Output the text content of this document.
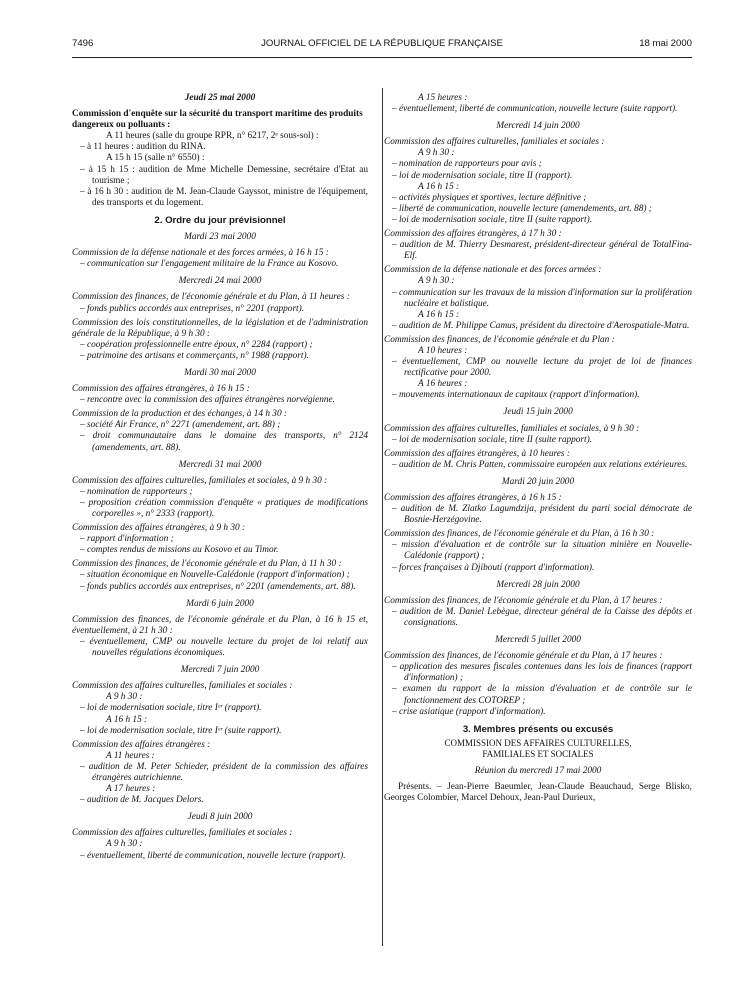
7496	JOURNAL OFFICIEL DE LA RÉPUBLIQUE FRANÇAISE	18 mai 2000
Jeudi 25 mai 2000
Commission d'enquête sur la sécurité du transport maritime des produits dangereux ou polluants :
A 11 heures (salle du groupe RPR, n° 6217, 2ᵉ sous-sol) :
– à 11 heures : audition du RINA.
A 15 h 15 (salle n° 6550) :
– à 15 h 15 : audition de Mme Michelle Demessine, secrétaire d'Etat au tourisme ;
– à 16 h 30 : audition de M. Jean-Claude Gayssot, ministre de l'équipement, des transports et du logement.
2. Ordre du jour prévisionnel
Mardi 23 mai 2000
Commission de la défense nationale et des forces armées, à 16 h 15 :
– communication sur l'engagement militaire de la France au Kosovo.
Mercredi 24 mai 2000
Commission des finances, de l'économie générale et du Plan, à 11 heures :
– fonds publics accordés aux entreprises, n° 2201 (rapport).
Commission des lois constitutionnelles, de la législation et de l'administration générale de la République, à 9 h 30 :
– coopération professionnelle entre époux, n° 2284 (rapport) ;
– patrimoine des artisans et commerçants, n° 1988 (rapport).
Mardi 30 mai 2000
Commission des affaires étrangères, à 16 h 15 :
– rencontre avec la commission des affaires étrangères norvégienne.
Commission de la production et des échanges, à 14 h 30 :
– société Air France, n° 2271 (amendement, art. 88) ;
– droit communautaire dans le domaine des transports, n° 2124 (amendements, art. 88).
Mercredi 31 mai 2000
Commission des affaires culturelles, familiales et sociales, à 9 h 30 :
– nomination de rapporteurs ;
– proposition création commission d'enquête « pratiques de modifications corporelles », n° 2333 (rapport).
Commission des affaires étrangères, à 9 h 30 :
– rapport d'information ;
– comptes rendus de missions au Kosovo et au Timor.
Commission des finances, de l'économie générale et du Plan, à 11 h 30 :
– situation économique en Nouvelle-Calédonie (rapport d'information) ;
– fonds publics accordés aux entreprises, n° 2201 (amendements, art. 88).
Mardi 6 juin 2000
Commission des finances, de l'économie générale et du Plan, à 16 h 15 et, éventuellement, à 21 h 30 :
– éventuellement, CMP ou nouvelle lecture du projet de loi relatif aux nouvelles régulations économiques.
Mercredi 7 juin 2000
Commission des affaires culturelles, familiales et sociales :
A 9 h 30 :
– loi de modernisation sociale, titre Iᵉʳ (rapport).
A 16 h 15 :
– loi de modernisation sociale, titre Iᵉʳ (suite rapport).
Commission des affaires étrangères :
A 11 heures :
– audition de M. Peter Schieder, président de la commission des affaires étrangères autrichienne.
A 17 heures :
– audition de M. Jacques Delors.
Jeudi 8 juin 2000
Commission des affaires culturelles, familiales et sociales :
A 9 h 30 :
– éventuellement, liberté de communication, nouvelle lecture (rapport).
A 15 heures :
– éventuellement, liberté de communication, nouvelle lecture (suite rapport).
Mercredi 14 juin 2000
Commission des affaires culturelles, familiales et sociales :
A 9 h 30 :
– nomination de rapporteurs pour avis ;
– loi de modernisation sociale, titre II (rapport).
A 16 h 15 :
– activités physiques et sportives, lecture définitive ;
– liberté de communication, nouvelle lecture (amendements, art. 88) ;
– loi de modernisation sociale, titre II (suite rapport).
Commission des affaires étrangères, à 17 h 30 :
– audition de M. Thierry Desmarest, président-directeur général de TotalFina-Elf.
Commission de la défense nationale et des forces armées :
A 9 h 30 :
– communication sur les travaux de la mission d'information sur la prolifération nucléaire et balistique.
A 16 h 15 :
– audition de M. Philippe Camus, président du directoire d'Aerospatiale-Matra.
Commission des finances, de l'économie générale et du Plan :
A 10 heures :
– éventuellement, CMP ou nouvelle lecture du projet de loi de finances rectificative pour 2000.
A 16 heures :
– mouvements internationaux de capitaux (rapport d'information).
Jeudi 15 juin 2000
Commission des affaires culturelles, familiales et sociales, à 9 h 30 :
– loi de modernisation sociale, titre II (suite rapport).
Commission des affaires étrangères, à 10 heures :
– audition de M. Chris Patten, commissaire européen aux relations extérieures.
Mardi 20 juin 2000
Commission des affaires étrangères, à 16 h 15 :
– audition de M. Zlatko Lagumdzija, président du parti social démocrate de Bosnie-Herzégovine.
Commission des finances, de l'économie générale et du Plan, à 16 h 30 :
– mission d'évaluation et de contrôle sur la situation minière en Nouvelle-Calédonie (rapport) ;
– forces françaises à Djibouti (rapport d'information).
Mercredi 28 juin 2000
Commission des finances, de l'économie générale et du Plan, à 17 heures :
– audition de M. Daniel Lebègue, directeur général de la Caisse des dépôts et consignations.
Mercredi 5 juillet 2000
Commission des finances, de l'économie générale et du Plan, à 17 heures :
– application des mesures fiscales contenues dans les lois de finances (rapport d'information) ;
– examen du rapport de la mission d'évaluation et de contrôle sur le fonctionnement des COTOREP ;
– crise asiatique (rapport d'information).
3. Membres présents ou excusés
COMMISSION DES AFFAIRES CULTURELLES,
FAMILIALES ET SOCIALES
Réunion du mercredi 17 mai 2000
Présents. – Jean-Pierre Baeumler, Jean-Claude Beauchaud, Serge Blisko, Georges Colombier, Marcel Dehoux, Jean-Paul Durieux,
